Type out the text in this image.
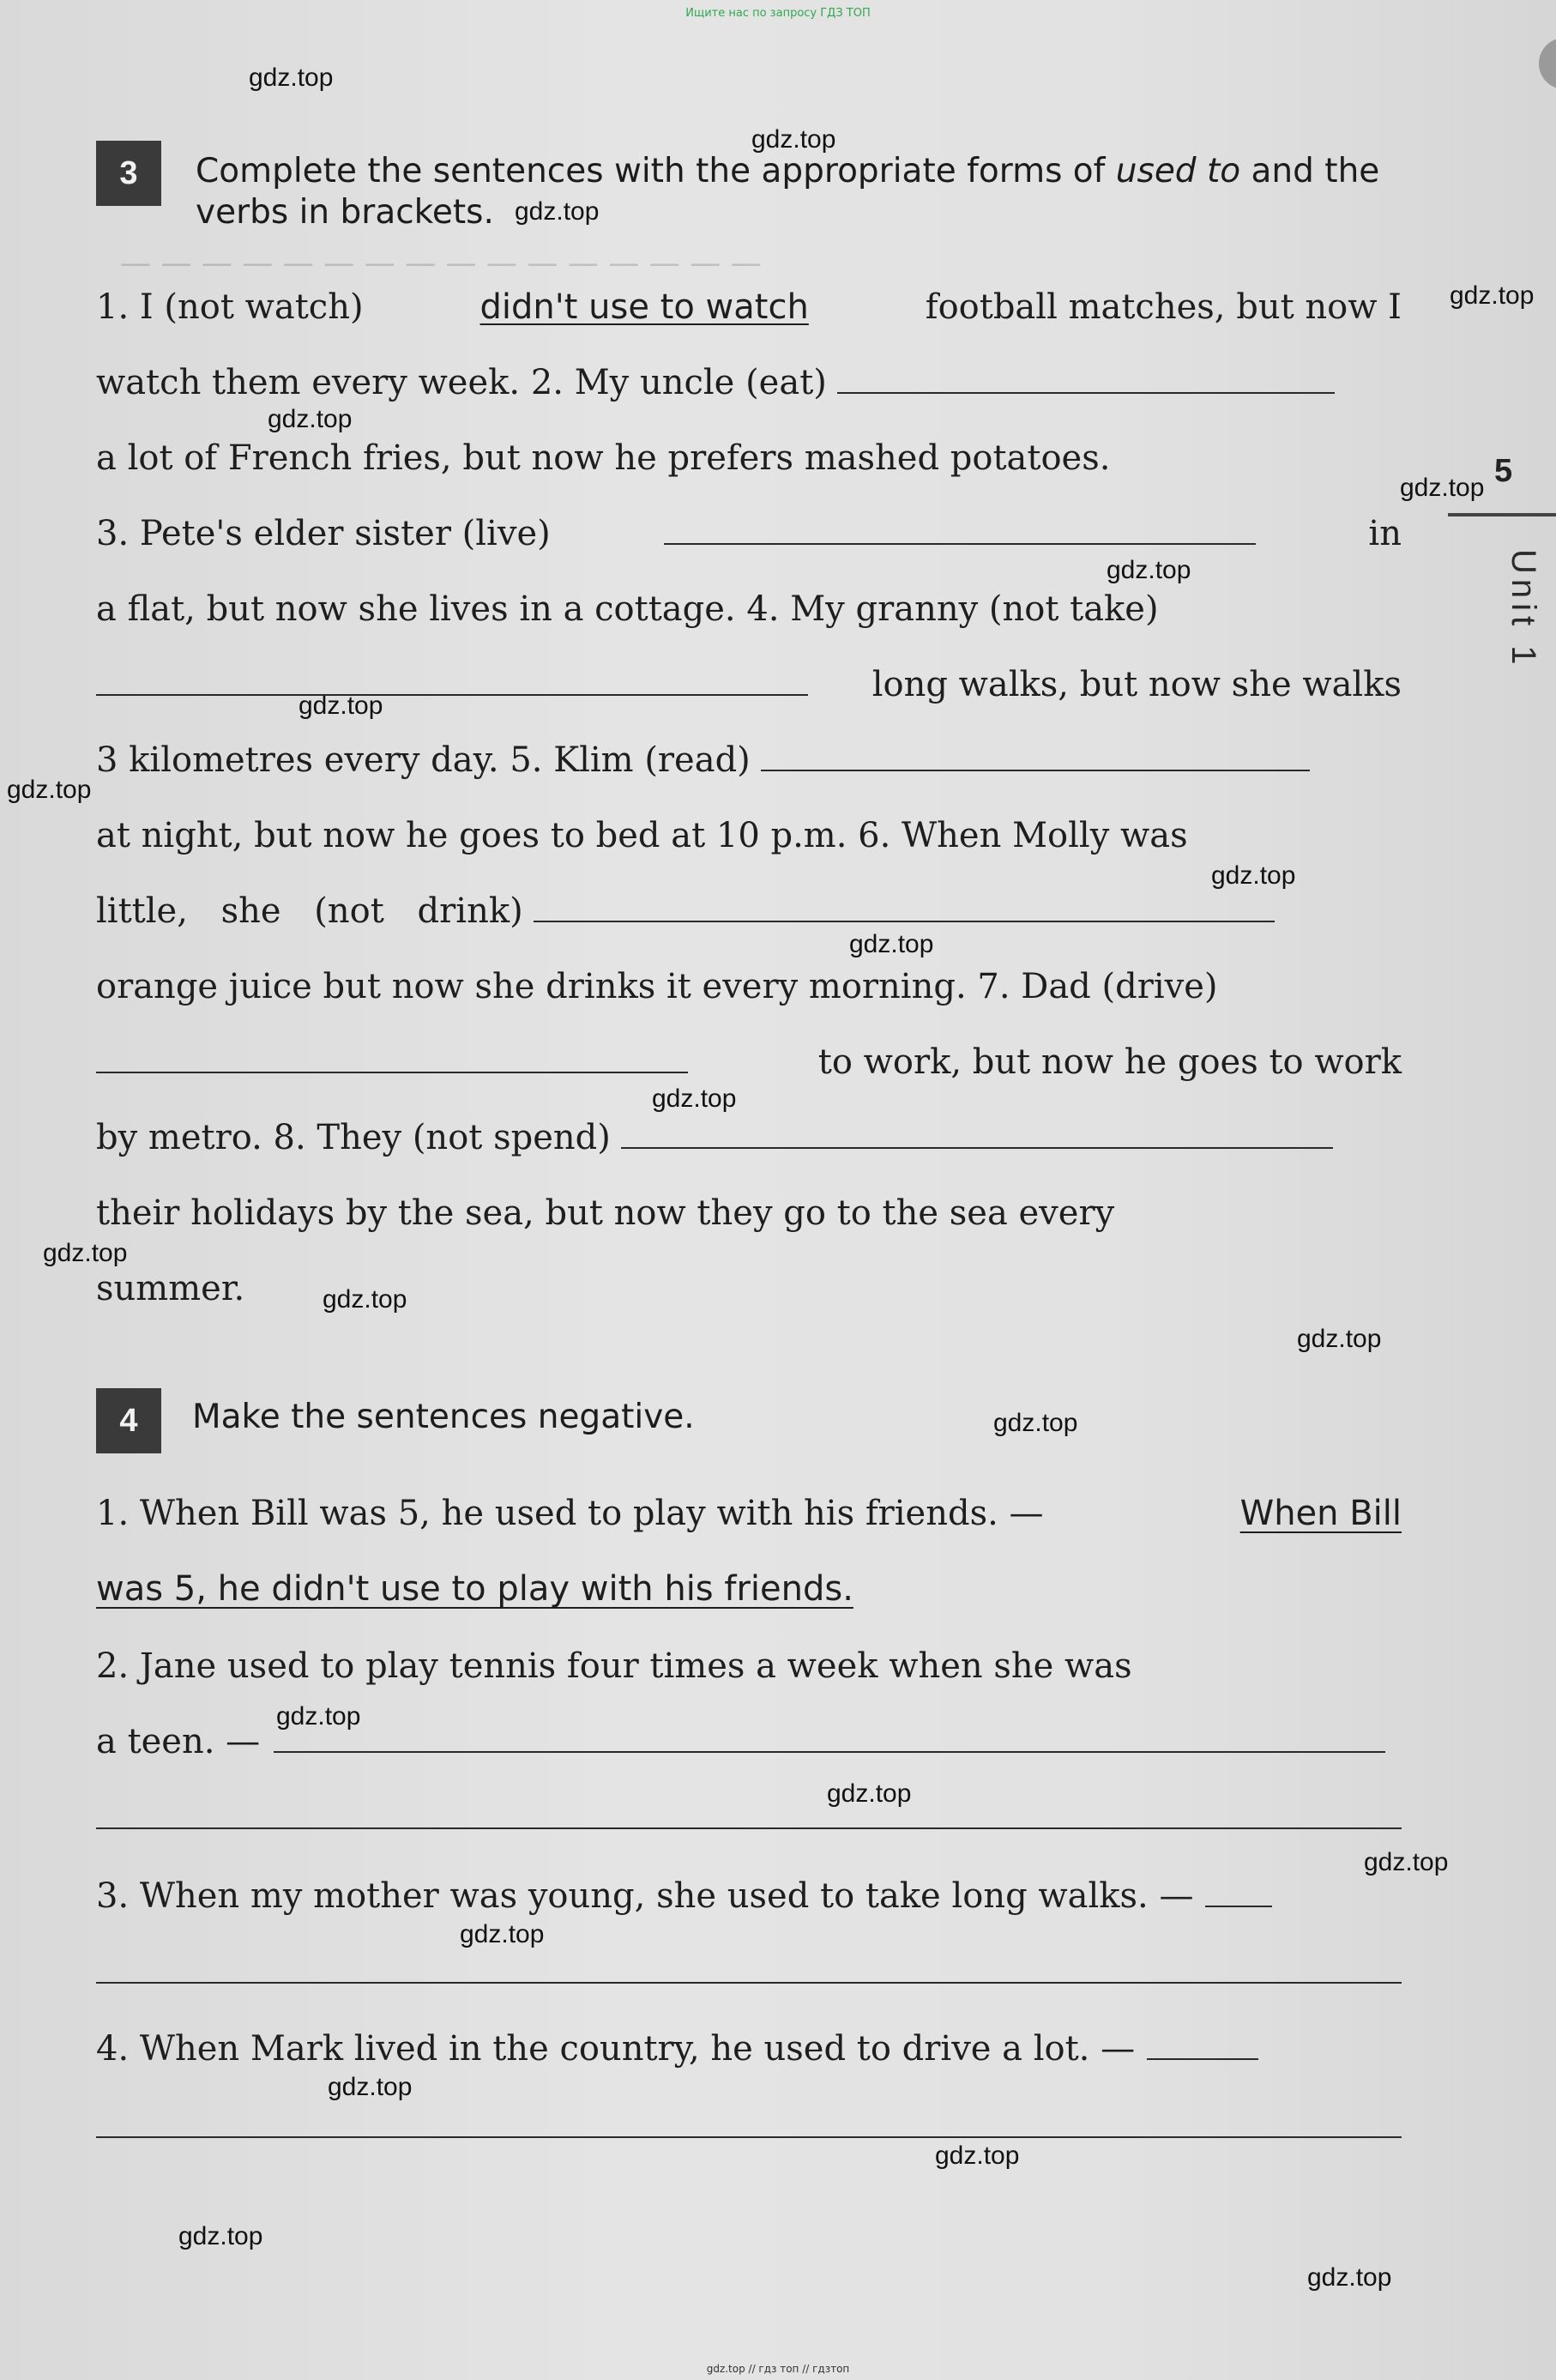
Ищите нас по запросу ГДЗ ТОП
— — — — — — — — — — — — — — — —
gdz.top
gdz.top
gdz.top
gdz.top
gdz.top
gdz.top
gdz.top
gdz.top
gdz.top
gdz.top
gdz.top
gdz.top
gdz.top
gdz.top
gdz.top
gdz.top
gdz.top
gdz.top
gdz.top
gdz.top
gdz.top
gdz.top
gdz.top
gdz.top
5
Unit 1
3	Complete the sentences with the appropriate forms of used to and the
verbs in brackets.
1. I (not watch)	didn't use to watch	football matches, but now I
watch them every week. 2. My uncle (eat)
a lot of French fries, but now he prefers mashed potatoes.
3. Pete's elder sister (live)	in
a flat, but now she lives in a cottage. 4. My granny (not take)
long walks, but now she walks
3 kilometres every day. 5. Klim (read)
at night, but now he goes to bed at 10 p.m. 6. When Molly was
little, she (not drink)
orange juice but now she drinks it every morning. 7. Dad (drive)
to work, but now he goes to work
by metro. 8. They (not spend)
their holidays by the sea, but now they go to the sea every
summer.
4	Make the sentences negative.
1. When Bill was 5, he used to play with his friends. —	When Bill
was 5, he didn't use to play with his friends.
2. Jane used to play tennis four times a week when she was
a teen. —
3. When my mother was young, she used to take long walks. —
4. When Mark lived in the country, he used to drive a lot. —
gdz.top // гдз топ // гдзтоп
